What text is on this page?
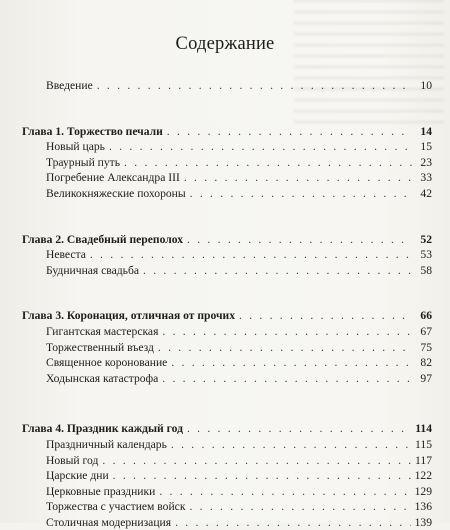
Содержание
Введение . . .	10
Глава 1. Торжество печали . . .	14
Новый царь . . .	15
Траурный путь . . .	23
Погребение Александра III . . .	33
Великокняжеские похороны . . .	42
Глава 2. Свадебный переполох . . .	52
Невеста . . .	53
Будничная свадьба . . .	58
Глава 3. Коронация, отличная от прочих . . .	66
Гигантская мастерская . . .	67
Торжественный въезд . . .	75
Священное коронование . . .	82
Ходынская катастрофа . . .	97
Глава 4. Праздник каждый год . . .	114
Праздничный календарь . . .	115
Новый год . . .	117
Царские дни . . .	122
Церковные праздники . . .	129
Торжества с участием войск . . .	136
Столичная модернизация . . .	139
